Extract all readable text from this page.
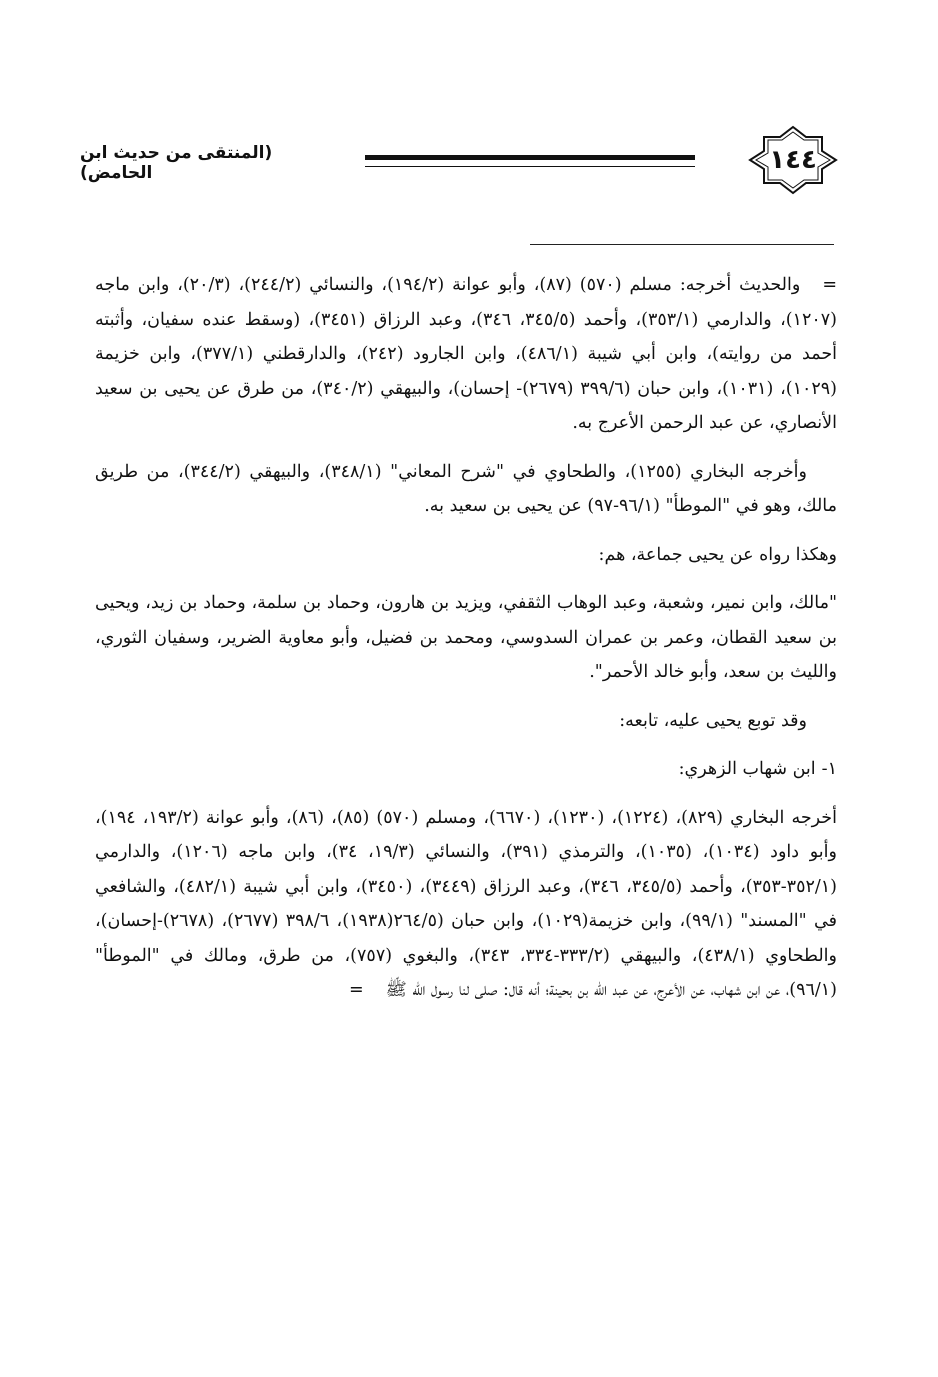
١٤٤
(المنتقى من حديث ابن الحامض)

=والحديث أخرجه: مسلم (٥٧٠) (٨٧)، وأبو عوانة (١٩٤/٢)، والنسائي (٢٤٤/٢)، (٢٠/٣)، وابن ماجه (١٢٠٧)، والدارمي (٣٥٣/١)، وأحمد (٣٤٥/٥، ٣٤٦)، وعبد الرزاق (٣٤٥١)، (وسقط عنده سفيان، وأثبته أحمد من روايته)، وابن أبي شيبة (٤٨٦/١)، وابن الجارود (٢٤٢)، والدارقطني (٣٧٧/١)، وابن خزيمة (١٠٢٩)، (١٠٣١)، وابن حبان (٣٩٩/٦ (٢٦٧٩)- إحسان)، والبيهقي (٣٤٠/٢)، من طرق عن يحيى بن سعيد الأنصاري، عن عبد الرحمن الأعرج به.

وأخرجه البخاري (١٢٥٥)، والطحاوي في "شرح المعاني" (٣٤٨/١)، والبيهقي (٣٤٤/٢)، من طريق مالك، وهو في "الموطأ" (٩٦/١-٩٧) عن يحيى بن سعيد به.

وهكذا رواه عن يحيى جماعة، هم:

"مالك، وابن نمير، وشعبة، وعبد الوهاب الثقفي، ويزيد بن هارون، وحماد بن سلمة، وحماد بن زيد، ويحيى بن سعيد القطان، وعمر بن عمران السدوسي، ومحمد بن فضيل، وأبو معاوية الضرير، وسفيان الثوري، والليث بن سعد، وأبو خالد الأحمر".

وقد توبع يحيى عليه، تابعه:

١-ابن شهاب الزهري:

أخرجه البخاري (٨٢٩)، (١٢٢٤)، (١٢٣٠)، (٦٦٧٠)، ومسلم (٥٧٠) (٨٥)، (٨٦)، وأبو عوانة (١٩٣/٢، ١٩٤)، وأبو داود (١٠٣٤)، (١٠٣٥)، والترمذي (٣٩١)، والنسائي (١٩/٣، ٣٤)، وابن ماجه (١٢٠٦)، والدارمي (٣٥٢/١-٣٥٣)، وأحمد (٣٤٥/٥، ٣٤٦)، وعبد الرزاق (٣٤٤٩)، (٣٤٥٠)، وابن أبي شيبة (٤٨٢/١)، والشافعي في "المسند" (٩٩/١)، وابن خزيمة(١٠٢٩)، وابن حبان (٢٦٤/٥(١٩٣٨)، ٣٩٨/٦ (٢٦٧٧)، (٢٦٧٨)-إحسان)، والطحاوي (٤٣٨/١)، والبيهقي (٣٣٣/٢-٣٣٤، ٣٤٣)، والبغوي (٧٥٧)، من طرق، ومالك في "الموطأ" (٩٦/١)، عن ابن شهاب، عن الأعرج، عن عبد الله بن بحينة؛ أنه قال: صلى لنا رسول الله ﷺ=
